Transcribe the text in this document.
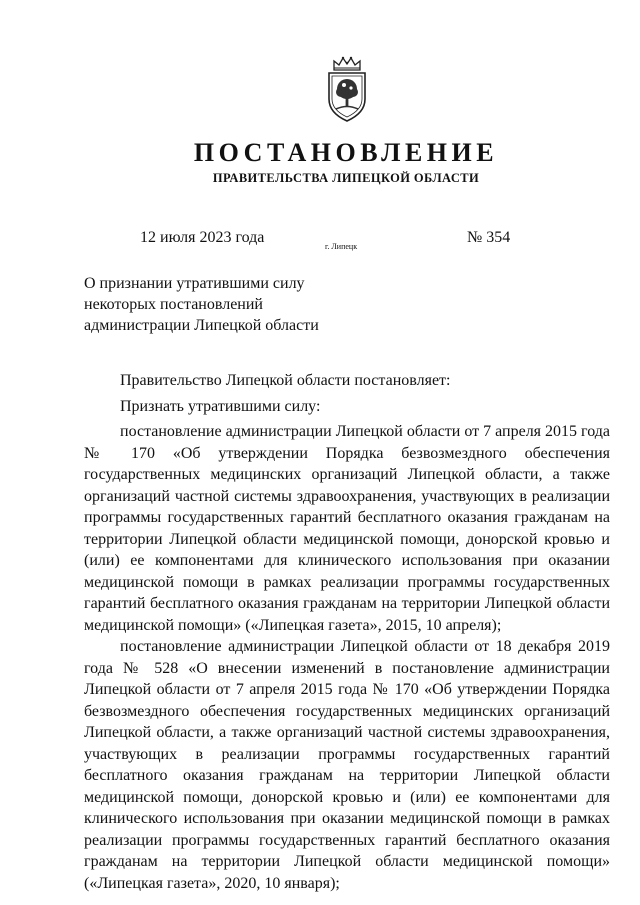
ПОСТАНОВЛЕНИЕ
ПРАВИТЕЛЬСТВА ЛИПЕЦКОЙ ОБЛАСТИ
12 июля 2023 года
г. Липецк
№ 354
О признании утратившими силу
некоторых постановлений
администрации Липецкой области

Правительство Липецкой области постановляет:

Признать утратившими силу:

постановление администрации Липецкой области от 7 апреля 2015 года № 170 «Об утверждении Порядка безвозмездного обеспечения государственных медицинских организаций Липецкой области, а также организаций частной системы здравоохранения, участвующих в реализации программы государственных гарантий бесплатного оказания гражданам на территории Липецкой области медицинской помощи, донорской кровью и (или) ее компонентами для клинического использования при оказании медицинской помощи в рамках реализации программы государственных гарантий бесплатного оказания гражданам на территории Липецкой области медицинской помощи» («Липецкая газета», 2015, 10 апреля);

постановление администрации Липецкой области от 18 декабря 2019 года № 528 «О внесении изменений в постановление администрации Липецкой области от 7 апреля 2015 года № 170 «Об утверждении Порядка безвозмездного обеспечения государственных медицинских организаций Липецкой области, а также организаций частной системы здравоохранения, участвующих в реализации программы государственных гарантий бесплатного оказания гражданам на территории Липецкой области медицинской помощи, донорской кровью и (или) ее компонентами для клинического использования при оказании медицинской помощи в рамках реализации программы государственных гарантий бесплатного оказания гражданам на территории Липецкой области медицинской помощи» («Липецкая газета», 2020, 10 января);
